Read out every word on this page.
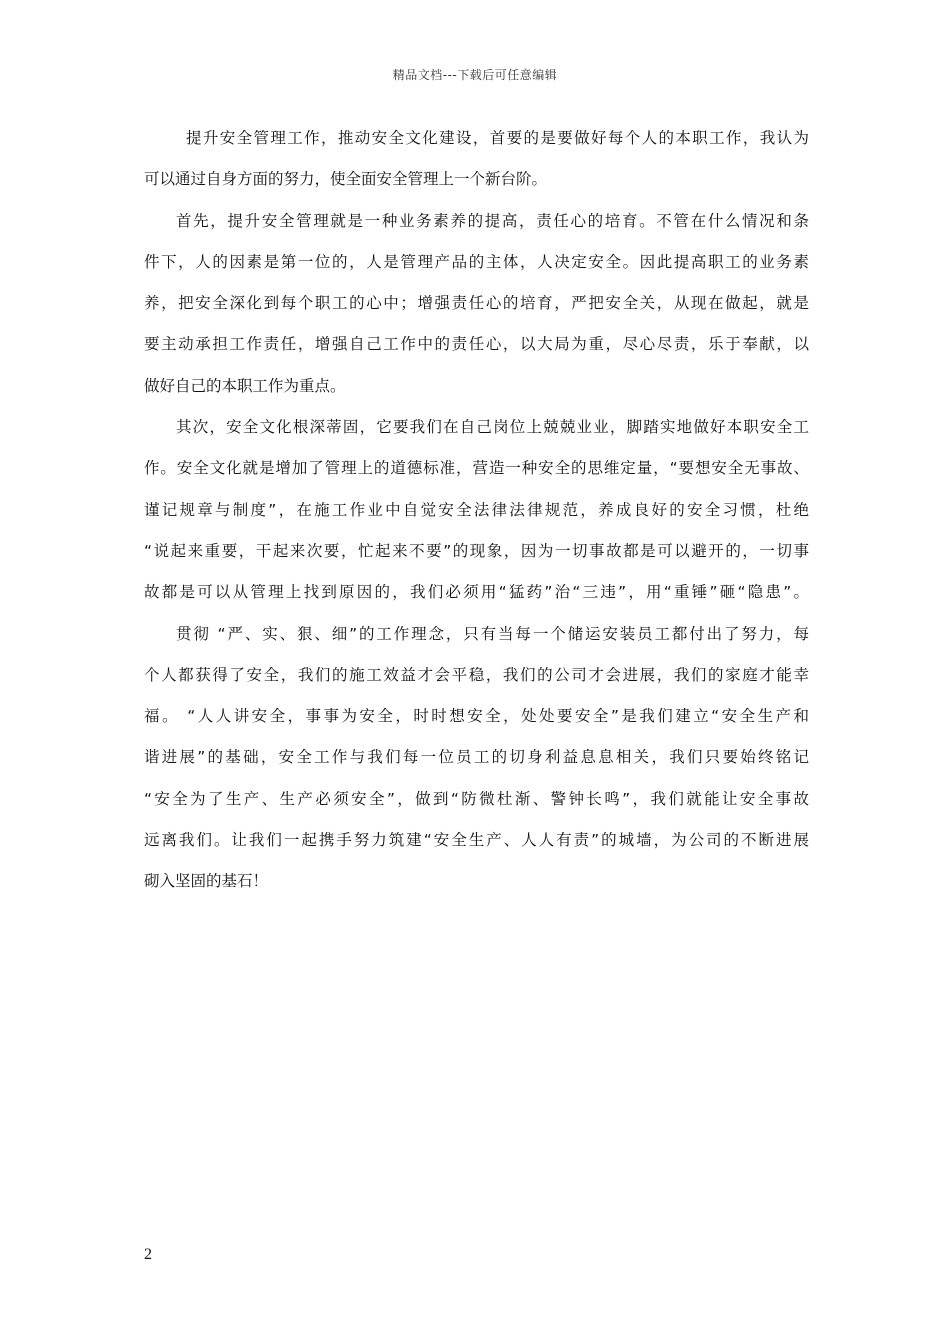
精品文档---下载后可任意编辑
提升安全管理工作，推动安全文化建设，首要的是要做好每个人的本职工作，我认为
可以通过自身方面的努力，使全面安全管理上一个新台阶。
首先，提升安全管理就是一种业务素养的提高，责任心的培育。不管在什么情况和条
件下，人的因素是第一位的，人是管理产品的主体，人决定安全。因此提高职工的业务素
养，把安全深化到每个职工的心中；增强责任心的培育，严把安全关，从现在做起，就是
要主动承担工作责任，增强自己工作中的责任心，以大局为重，尽心尽责，乐于奉献，以
做好自己的本职工作为重点。
其次，安全文化根深蒂固，它要我们在自己岗位上兢兢业业，脚踏实地做好本职安全工
作。安全文化就是增加了管理上的道德标准，营造一种安全的思维定量，“要想安全无事故、
谨记规章与制度”，在施工作业中自觉安全法律法律规范，养成良好的安全习惯，杜绝
“说起来重要，干起来次要，忙起来不要”的现象，因为一切事故都是可以避开的，一切事
故都是可以从管理上找到原因的，我们必须用“猛药”治“三违”，用“重锤”砸“隐患”。
贯彻 “严、实、狠、细”的工作理念，只有当每一个储运安装员工都付出了努力，每
个人都获得了安全，我们的施工效益才会平稳，我们的公司才会进展，我们的家庭才能幸
福。 “人人讲安全，事事为安全，时时想安全，处处要安全”是我们建立“安全生产和
谐进展”的基础，安全工作与我们每一位员工的切身利益息息相关，我们只要始终铭记
“安全为了生产、生产必须安全”，做到“防微杜渐、警钟长鸣”，我们就能让安全事故
远离我们。让我们一起携手努力筑建“安全生产、人人有责”的城墙，为公司的不断进展
砌入坚固的基石！
2
